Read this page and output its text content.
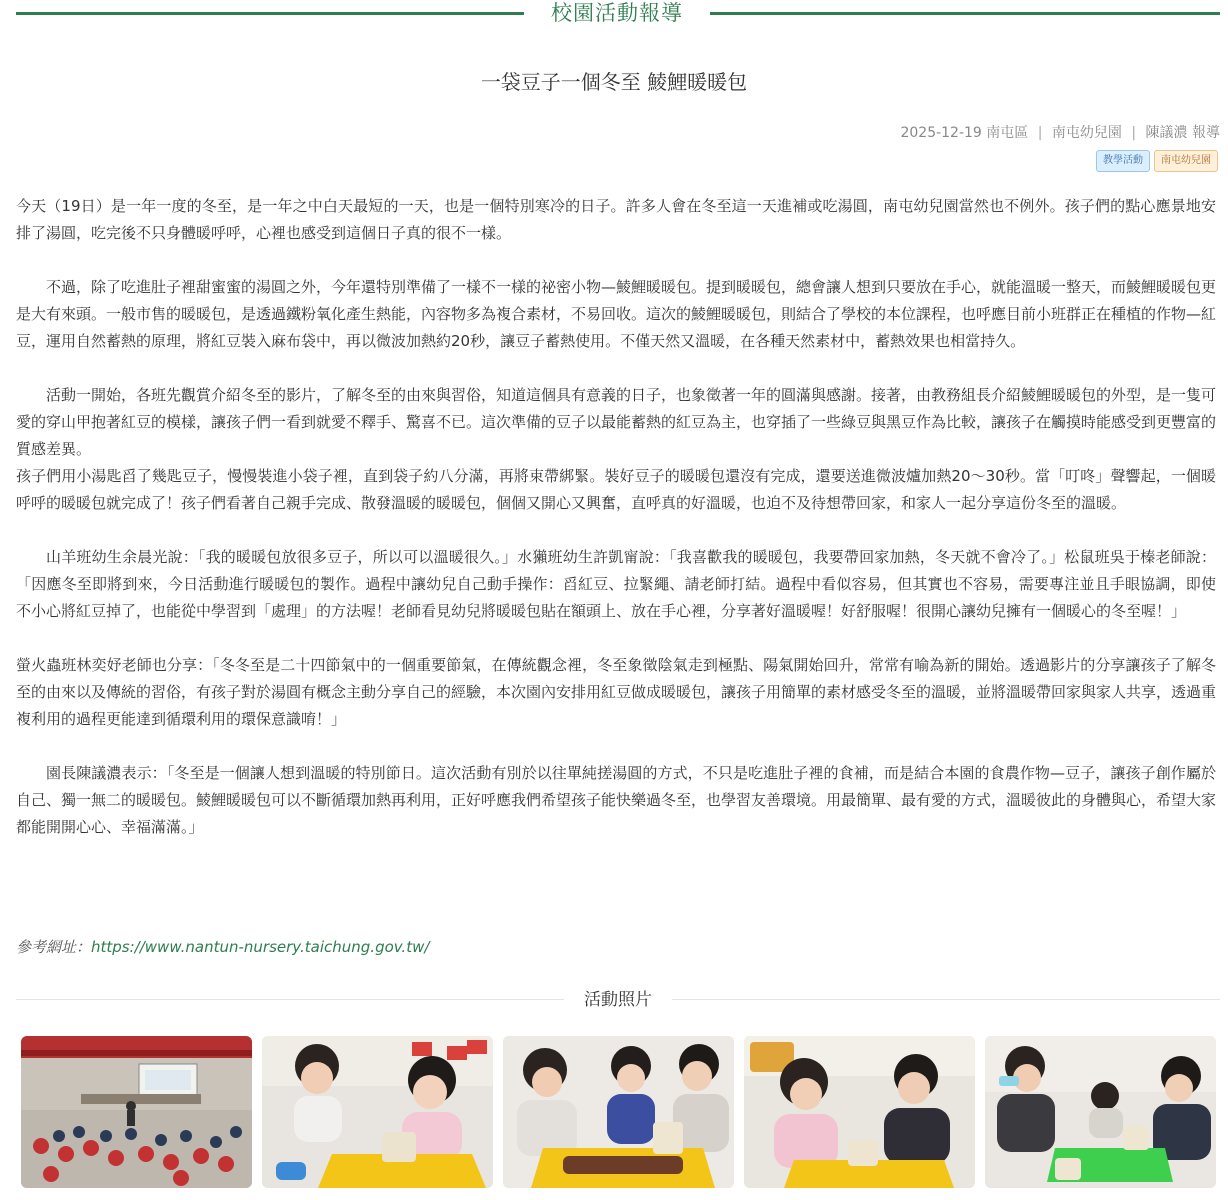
校園活動報導
一袋豆子一個冬至 鯪鯉暖暖包
2025-12-19 南屯區 | 南屯幼兒園 | 陳議濃 報導
教學活動	南屯幼兒園

今天（19日）是一年一度的冬至，是一年之中白天最短的一天，也是一個特別寒冷的日子。許多人會在冬至這一天進補或吃湯圓，南屯幼兒園當然也不例外。孩子們的點心應景地安排了湯圓，吃完後不只身體暖呼呼，心裡也感受到這個日子真的很不一樣。

不過，除了吃進肚子裡甜蜜蜜的湯圓之外，今年還特別準備了一樣不一樣的祕密小物—鯪鯉暖暖包。提到暖暖包，總會讓人想到只要放在手心，就能溫暖一整天，而鯪鯉暖暖包更是大有來頭。一般市售的暖暖包，是透過鐵粉氧化產生熱能，內容物多為複合素材，不易回收。這次的鯪鯉暖暖包，則結合了學校的本位課程，也呼應目前小班群正在種植的作物—紅豆，運用自然蓄熱的原理，將紅豆裝入麻布袋中，再以微波加熱約20秒，讓豆子蓄熱使用。不僅天然又溫暖，在各種天然素材中，蓄熱效果也相當持久。

活動一開始，各班先觀賞介紹冬至的影片，了解冬至的由來與習俗，知道這個具有意義的日子，也象徵著一年的圓滿與感謝。接著，由教務組長介紹鯪鯉暖暖包的外型，是一隻可愛的穿山甲抱著紅豆的模樣，讓孩子們一看到就愛不釋手、驚喜不已。這次準備的豆子以最能蓄熱的紅豆為主，也穿插了一些綠豆與黑豆作為比較，讓孩子在觸摸時能感受到更豐富的質感差異。

孩子們用小湯匙舀了幾匙豆子，慢慢裝進小袋子裡，直到袋子約八分滿，再將束帶綁緊。裝好豆子的暖暖包還沒有完成，還要送進微波爐加熱20～30秒。當「叮咚」聲響起，一個暖呼呼的暖暖包就完成了！孩子們看著自己親手完成、散發溫暖的暖暖包，個個又開心又興奮，直呼真的好溫暖，也迫不及待想帶回家，和家人一起分享這份冬至的溫暖。

山羊班幼生余晨光說：「我的暖暖包放很多豆子，所以可以溫暖很久。」水獺班幼生許凱甯說：「我喜歡我的暖暖包，我要帶回家加熱，冬天就不會冷了。」松鼠班吳于榛老師說：「因應冬至即將到來，今日活動進行暖暖包的製作。過程中讓幼兒自己動手操作：舀紅豆、拉緊繩、請老師打結。過程中看似容易，但其實也不容易，需要專注並且手眼協調，即使不小心將紅豆掉了，也能從中學習到「處理」的方法喔！老師看見幼兒將暖暖包貼在額頭上、放在手心裡，分享著好溫暖喔！好舒服喔！很開心讓幼兒擁有一個暖心的冬至喔！」

螢火蟲班林奕妤老師也分享：「冬冬至是二十四節氣中的一個重要節氣，在傳統觀念裡，冬至象徵陰氣走到極點、陽氣開始回升，常常有喻為新的開始。透過影片的分享讓孩子了解冬至的由來以及傳統的習俗，有孩子對於湯圓有概念主動分享自己的經驗，本次園內安排用紅豆做成暖暖包，讓孩子用簡單的素材感受冬至的溫暖，並將溫暖帶回家與家人共享，透過重複利用的過程更能達到循環利用的環保意識唷！」

園長陳議濃表示：「冬至是一個讓人想到溫暖的特別節日。這次活動有別於以往單純搓湯圓的方式，不只是吃進肚子裡的食補，而是結合本園的食農作物—豆子，讓孩子創作屬於自己、獨一無二的暖暖包。鯪鯉暖暖包可以不斷循環加熱再利用，正好呼應我們希望孩子能快樂過冬至，也學習友善環境。用最簡單、最有愛的方式，溫暖彼此的身體與心，希望大家都能開開心心、幸福滿滿。」

參考網址：https://www.nantun-nursery.taichung.gov.tw/
活動照片
